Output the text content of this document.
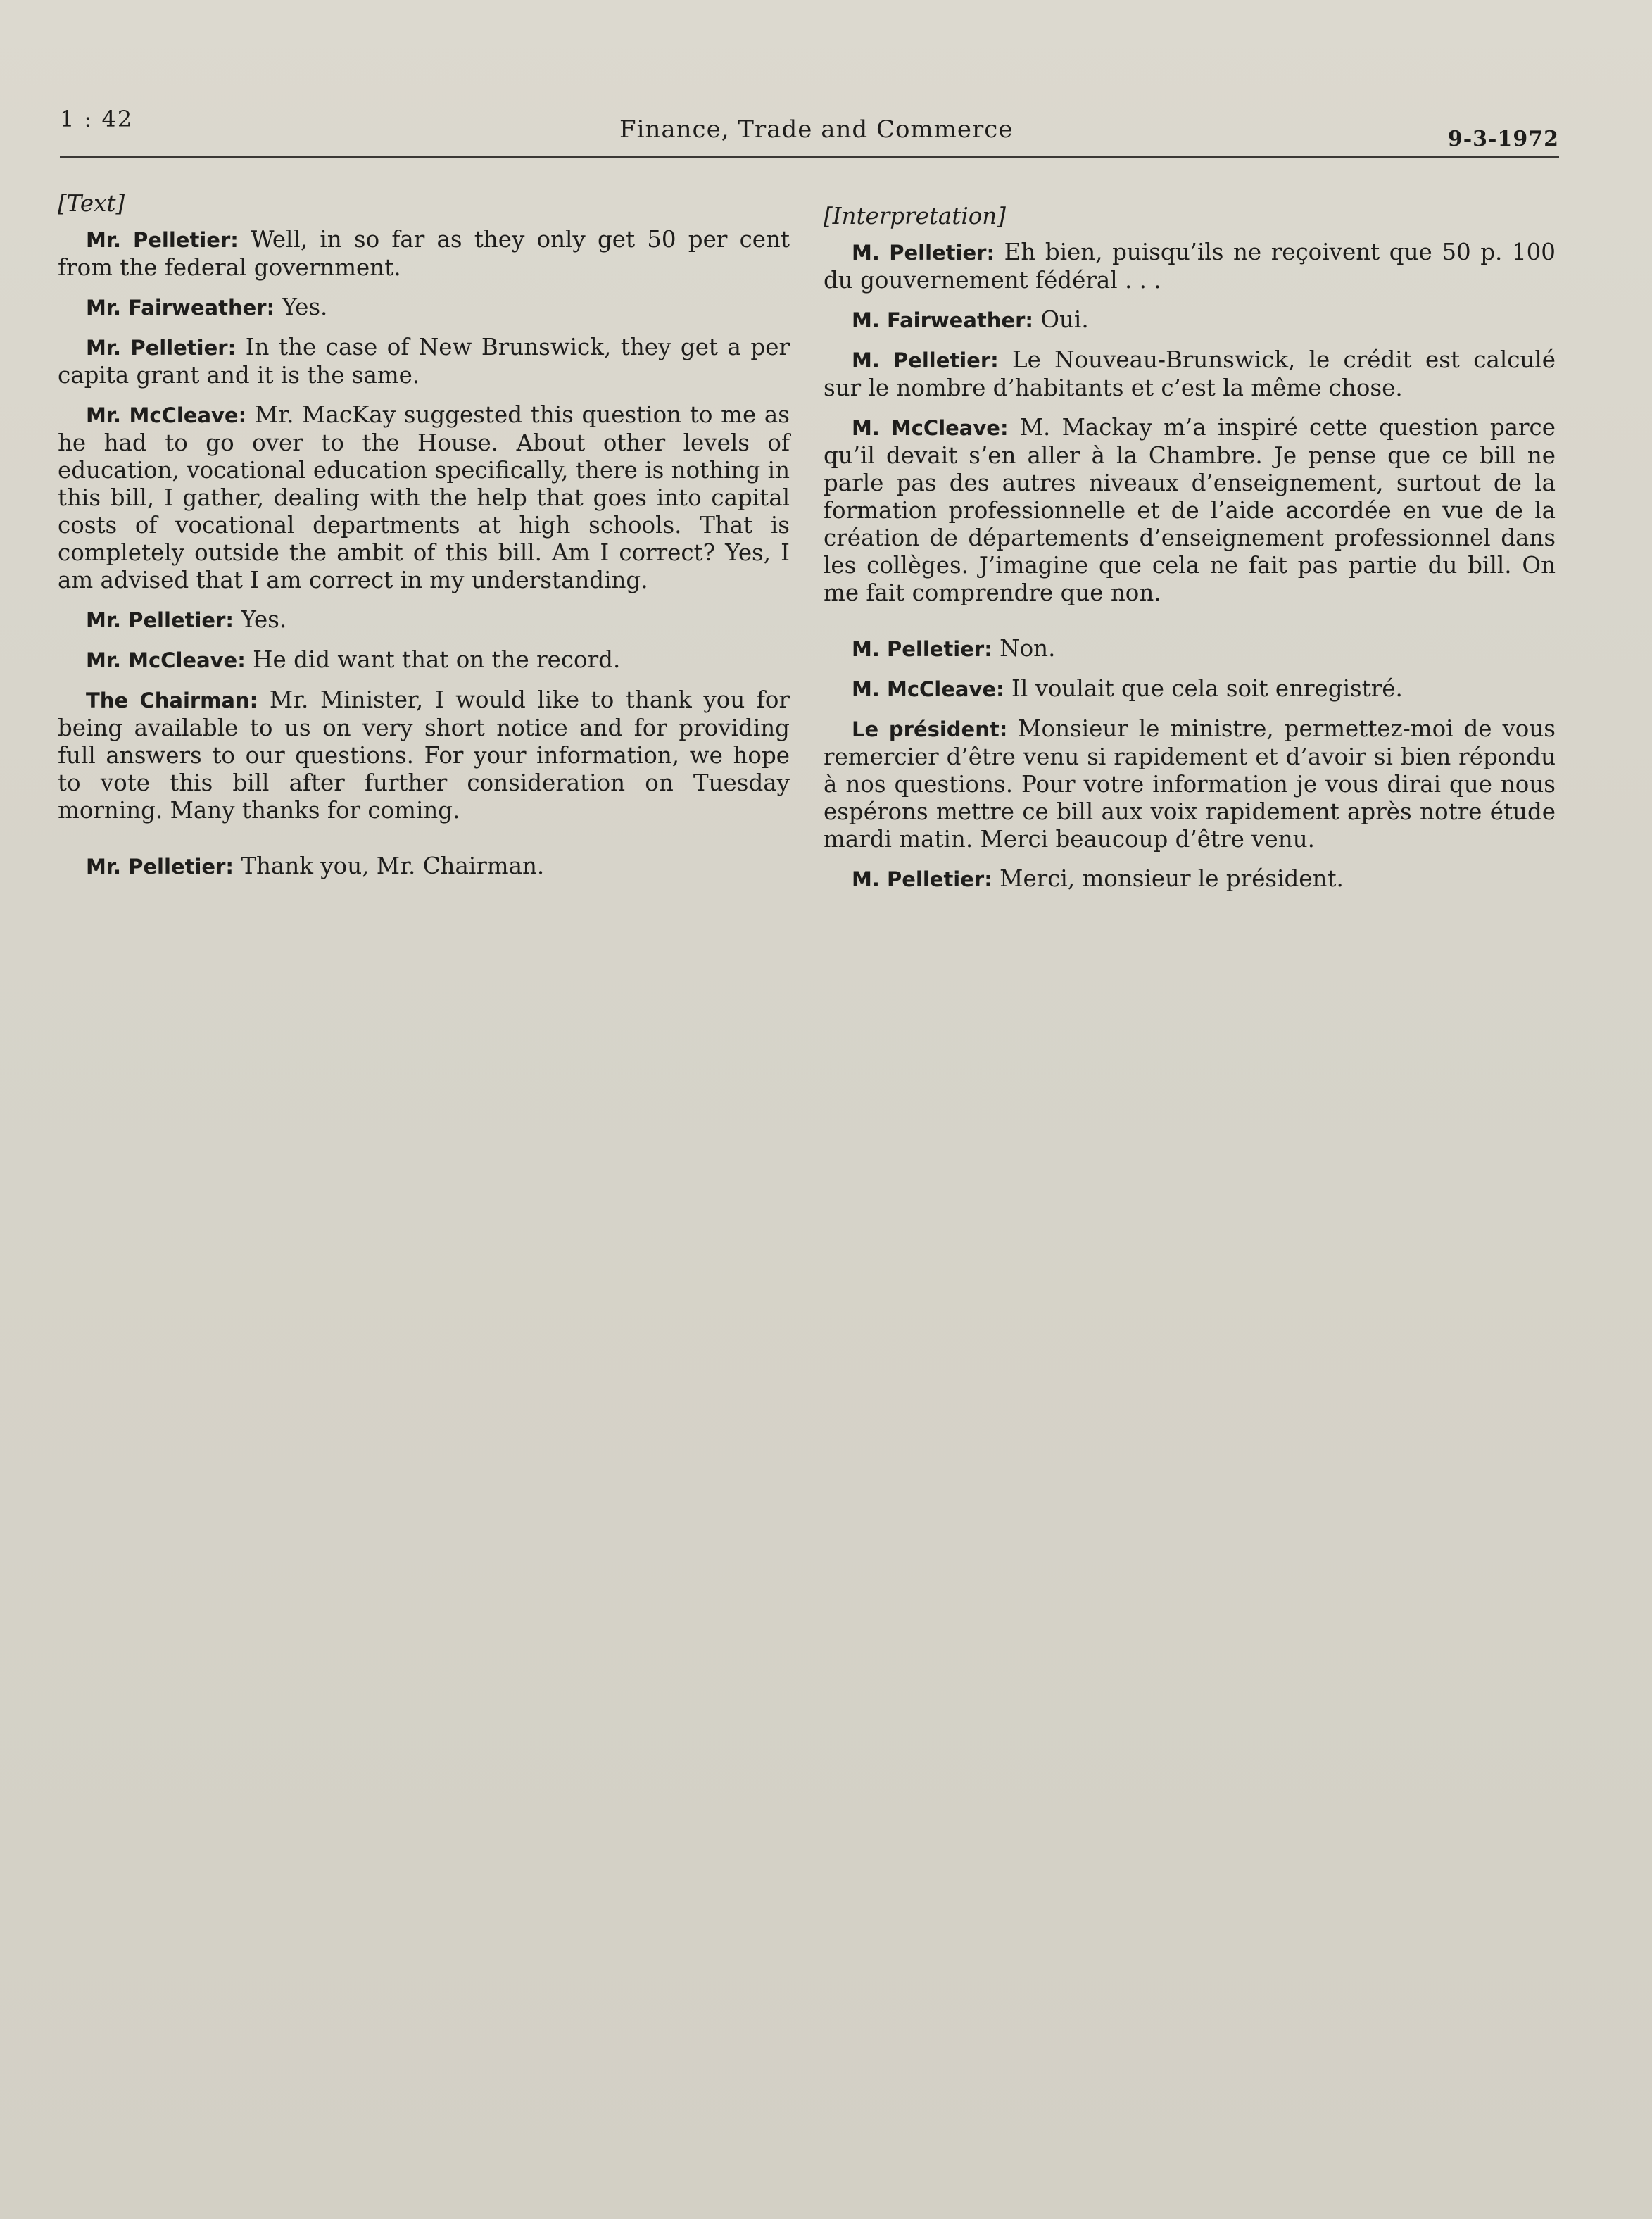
1 : 42	Finance, Trade and Commerce	9-3-1972

[Text]

Mr. Pelletier: Well, in so far as they only get 50 per cent from the federal government.

Mr. Fairweather: Yes.

Mr. Pelletier: In the case of New Brunswick, they get a per capita grant and it is the same.

Mr. McCleave: Mr. MacKay suggested this question to me as he had to go over to the House. About other levels of education, vocational education specifically, there is nothing in this bill, I gather, dealing with the help that goes into capital costs of vocational departments at high schools. That is completely outside the ambit of this bill. Am I correct? Yes, I am advised that I am correct in my understanding.

Mr. Pelletier: Yes.

Mr. McCleave: He did want that on the record.

The Chairman: Mr. Minister, I would like to thank you for being available to us on very short notice and for providing full answers to our questions. For your information, we hope to vote this bill after further consideration on Tuesday morning. Many thanks for coming.

Mr. Pelletier: Thank you, Mr. Chairman.

[Interpretation]

M. Pelletier: Eh bien, puisqu’ils ne reçoivent que 50 p. 100 du gouvernement fédéral . . .

M. Fairweather: Oui.

M. Pelletier: Le Nouveau-Brunswick, le crédit est calculé sur le nombre d’habitants et c’est la même chose.

M. McCleave: M. Mackay m’a inspiré cette question parce qu’il devait s’en aller à la Chambre. Je pense que ce bill ne parle pas des autres niveaux d’enseignement, surtout de la formation professionnelle et de l’aide accordée en vue de la création de départements d’enseignement professionnel dans les collèges. J’imagine que cela ne fait pas partie du bill. On me fait comprendre que non.

M. Pelletier: Non.

M. McCleave: Il voulait que cela soit enregistré.

Le président: Monsieur le ministre, permettez-moi de vous remercier d’être venu si rapidement et d’avoir si bien répondu à nos questions. Pour votre information je vous dirai que nous espérons mettre ce bill aux voix rapidement après notre étude mardi matin. Merci beaucoup d’être venu.

M. Pelletier: Merci, monsieur le président.
